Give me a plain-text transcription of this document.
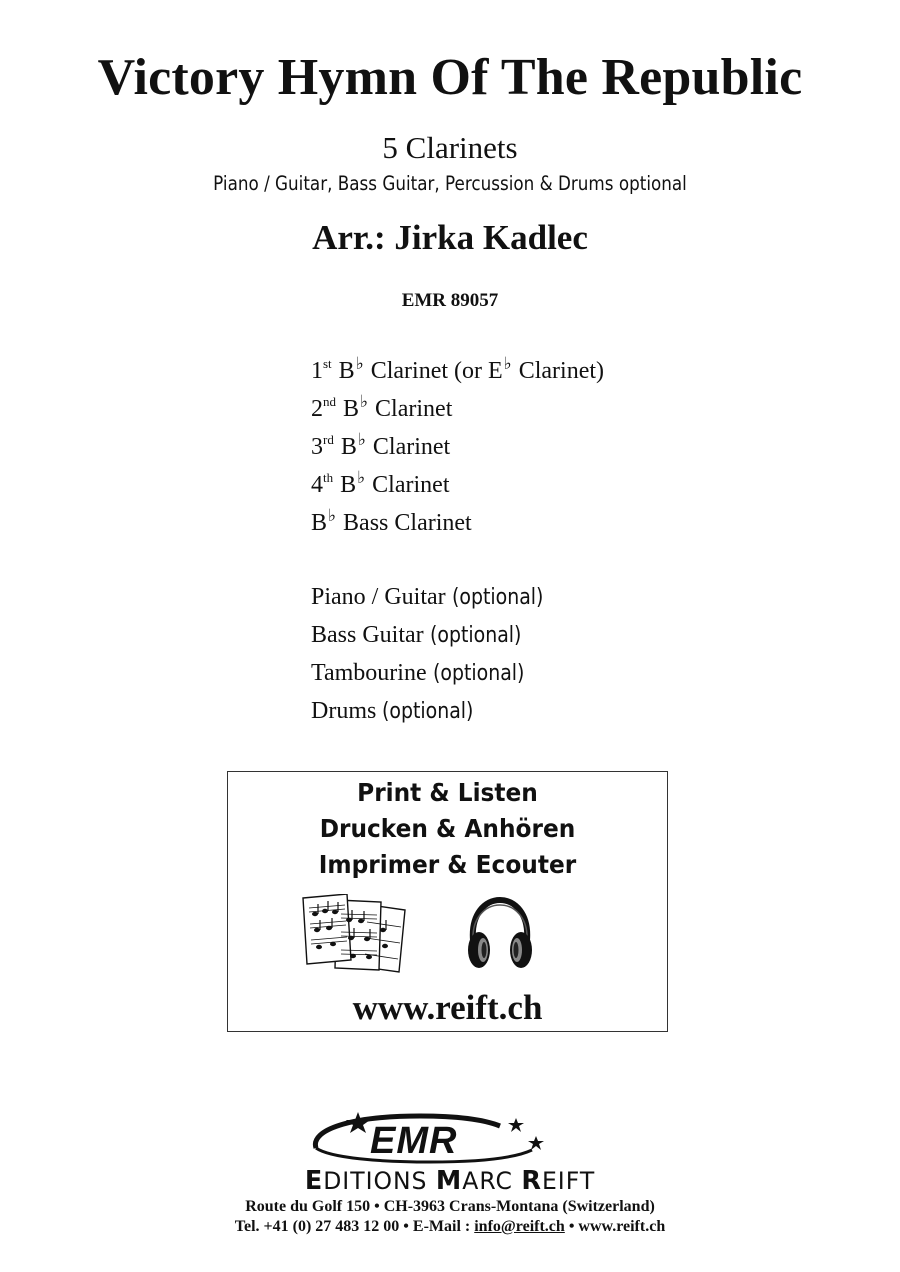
Victory Hymn Of The Republic
5 Clarinets
Piano / Guitar, Bass Guitar, Percussion & Drums optional
Arr.: Jirka Kadlec
EMR 89057
1st B♭ Clarinet (or E♭ Clarinet)
2nd B♭ Clarinet
3rd B♭ Clarinet
4th B♭ Clarinet
B♭ Bass Clarinet
Piano / Guitar (optional)
Bass Guitar (optional)
Tambourine (optional)
Drums (optional)
Print & Listen
Drucken & Anhören
Imprimer & Ecouter
www.reift.ch
EMR
EDITIONS MARC REIFT
Route du Golf 150 • CH-3963 Crans-Montana (Switzerland)
Tel. +41 (0) 27 483 12 00 • E-Mail : info@reift.ch • www.reift.ch
